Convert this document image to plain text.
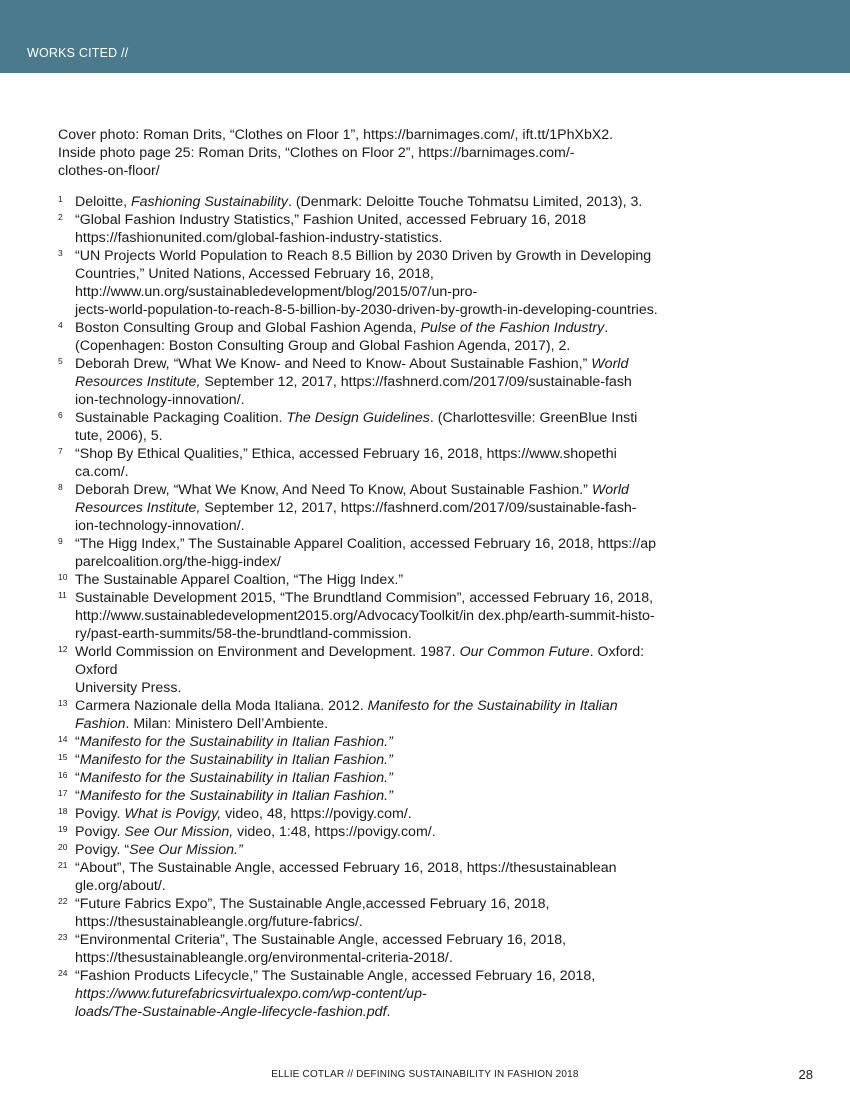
WORKS CITED //

Cover photo: Roman Drits, “Clothes on Floor 1”, https://barnimages.com/, ift.tt/1PhXbX2.

Inside photo page 25: Roman Drits, “Clothes on Floor 2”, https://barnimages.com/-

clothes-on-floor/

1 Deloitte, Fashioning Sustainability. (Denmark: Deloitte Touche Tohmatsu Limited, 2013), 3.
2 “Global Fashion Industry Statistics,” Fashion United, accessed February 16, 2018
https://fashionunited.com/global-fashion-industry-statistics.
3 “UN Projects World Population to Reach 8.5 Billion by 2030 Driven by Growth in Developing
Countries,” United Nations, Accessed February 16, 2018,
http://www.un.org/sustainabledevelopment/blog/2015/07/un-pro-
jects-world-population-to-reach-8-5-billion-by-2030-driven-by-growth-in-developing-countries.
4 Boston Consulting Group and Global Fashion Agenda, Pulse of the Fashion Industry.
(Copenhagen: Boston Consulting Group and Global Fashion Agenda, 2017), 2.
5 Deborah Drew, “What We Know- and Need to Know- About Sustainable Fashion,” World
Resources Institute, September 12, 2017, https://fashnerd.com/2017/09/sustainable-fash
ion-technology-innovation/.
6 Sustainable Packaging Coalition. The Design Guidelines. (Charlottesville: GreenBlue Insti
tute, 2006), 5.
7 “Shop By Ethical Qualities,” Ethica, accessed February 16, 2018, https://www.shopethi
ca.com/.
8 Deborah Drew, “What We Know, And Need To Know, About Sustainable Fashion.” World
Resources Institute, September 12, 2017, https://fashnerd.com/2017/09/sustainable-fash-
ion-technology-innovation/.
9 “The Higg Index,” The Sustainable Apparel Coalition, accessed February 16, 2018, https://ap
parelcoalition.org/the-higg-index/
10 The Sustainable Apparel Coaltion, “The Higg Index.”
11 Sustainable Development 2015, “The Brundtland Commision”, accessed February 16, 2018,
http://www.sustainabledevelopment2015.org/AdvocacyToolkit/in dex.php/earth-summit-histo-
ry/past-earth-summits/58-the-brundtland-commission.
12 World Commission on Environment and Development. 1987. Our Common Future. Oxford:
Oxford
University Press.
13 Carmera Nazionale della Moda Italiana. 2012. Manifesto for the Sustainability in Italian
Fashion. Milan: Ministero Dell’Ambiente.
14 “Manifesto for the Sustainability in Italian Fashion.”
15 “Manifesto for the Sustainability in Italian Fashion.”
16 “Manifesto for the Sustainability in Italian Fashion.”
17 “Manifesto for the Sustainability in Italian Fashion.”
18 Povigy. What is Povigy, video, 48, https://povigy.com/.
19 Povigy. See Our Mission, video, 1:48, https://povigy.com/.
20 Povigy. “See Our Mission.”
21 “About”, The Sustainable Angle, accessed February 16, 2018, https://thesustainablean
gle.org/about/.
22 “Future Fabrics Expo”, The Sustainable Angle,accessed February 16, 2018,
https://thesustainableangle.org/future-fabrics/.
23 “Environmental Criteria”, The Sustainable Angle, accessed February 16, 2018,
https://thesustainableangle.org/environmental-criteria-2018/.
24 “Fashion Products Lifecycle,” The Sustainable Angle, accessed February 16, 2018,
https://www.futurefabricsvirtualexpo.com/wp-content/up-
loads/The-Sustainable-Angle-lifecycle-fashion.pdf.
ELLIE COTLAR // DEFINING SUSTAINABILITY IN FASHION 2018	28
